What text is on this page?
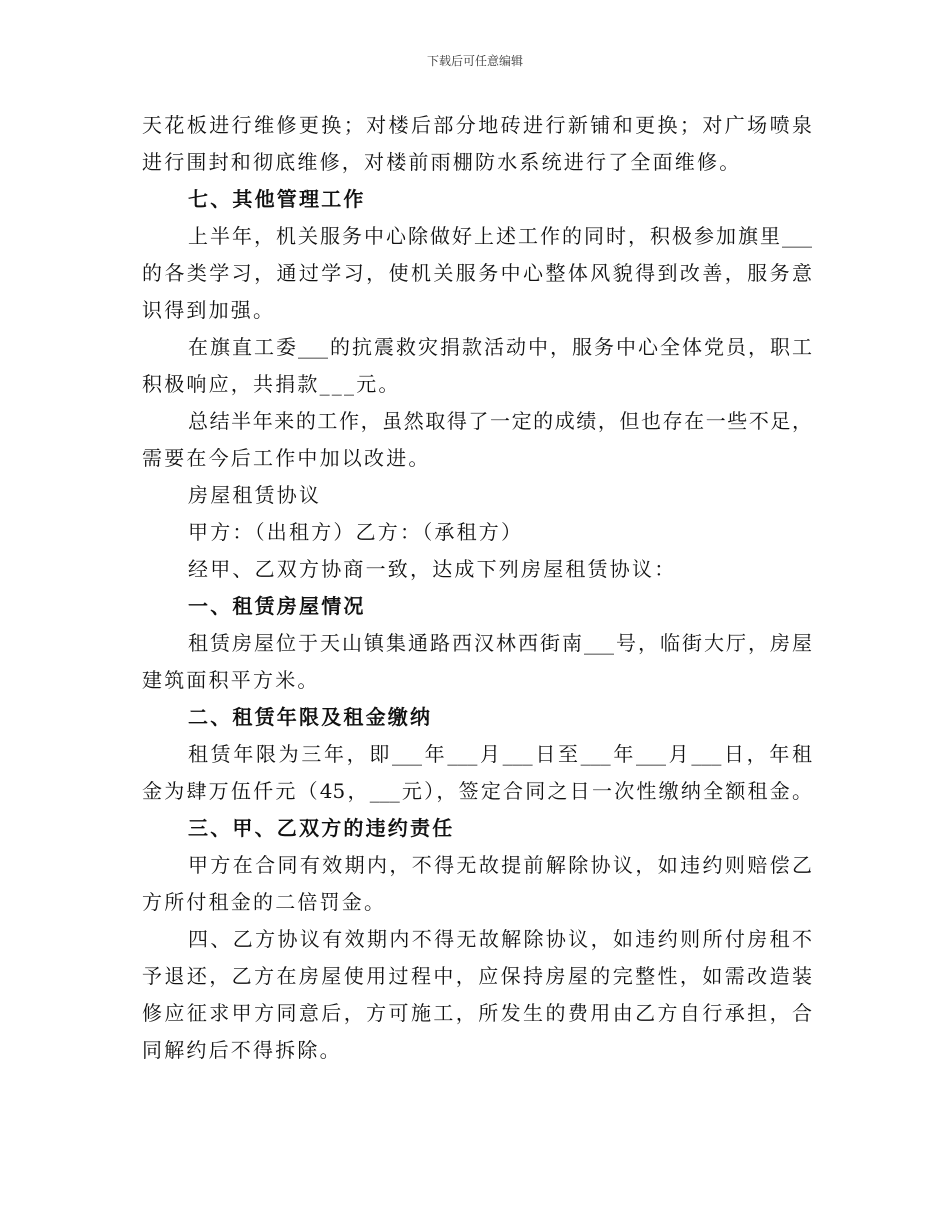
下载后可任意编辑
天花板进行维修更换；对楼后部分地砖进行新铺和更换；对广场喷泉
进行围封和彻底维修，对楼前雨棚防水系统进行了全面维修。
七、其他管理工作
上半年，机关服务中心除做好上述工作的同时，积极参加旗里___
的各类学习，通过学习，使机关服务中心整体风貌得到改善，服务意
识得到加强。
在旗直工委___的抗震救灾捐款活动中，服务中心全体党员，职工
积极响应，共捐款___元。
总结半年来的工作，虽然取得了一定的成绩，但也存在一些不足，
需要在今后工作中加以改进。
房屋租赁协议
甲方：（出租方）乙方：（承租方）
经甲、乙双方协商一致，达成下列房屋租赁协议：
一、租赁房屋情况
租赁房屋位于天山镇集通路西汉林西街南___号，临街大厅，房屋
建筑面积平方米。
二、租赁年限及租金缴纳
租赁年限为三年，即___年___月___日至___年___月___日，年租
金为肆万伍仟元（45，___元），签定合同之日一次性缴纳全额租金。
三、甲、乙双方的违约责任
甲方在合同有效期内，不得无故提前解除协议，如违约则赔偿乙
方所付租金的二倍罚金。
四、乙方协议有效期内不得无故解除协议，如违约则所付房租不
予退还，乙方在房屋使用过程中，应保持房屋的完整性，如需改造装
修应征求甲方同意后，方可施工，所发生的费用由乙方自行承担，合
同解约后不得拆除。
